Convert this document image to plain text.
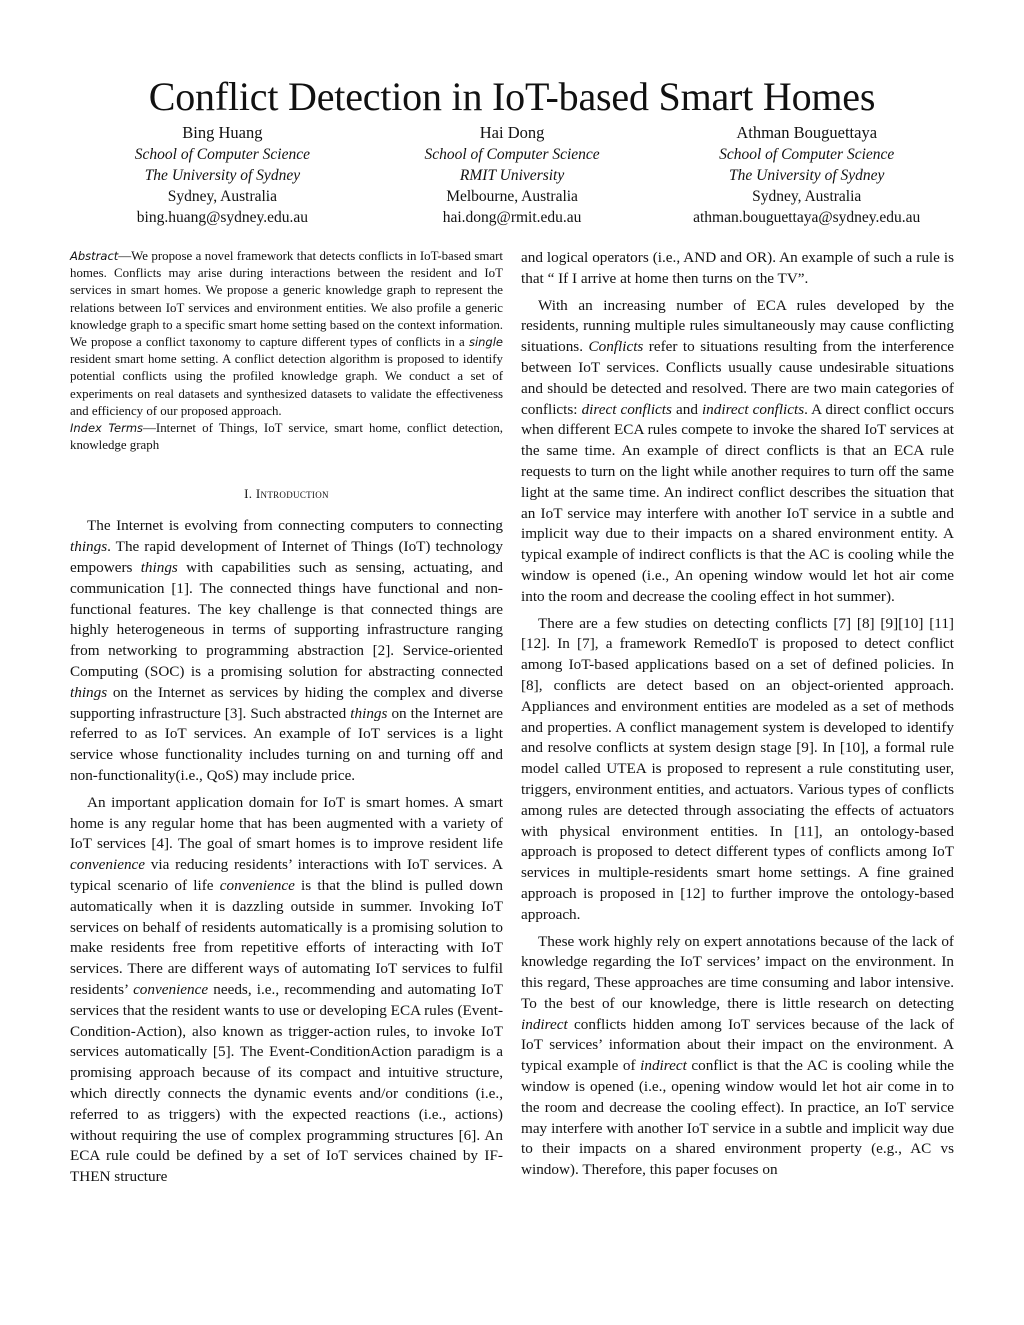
Conflict Detection in IoT-based Smart Homes
Bing Huang
School of Computer Science
The University of Sydney
Sydney, Australia
bing.huang@sydney.edu.au
Hai Dong
School of Computer Science
RMIT University
Melbourne, Australia
hai.dong@rmit.edu.au
Athman Bouguettaya
School of Computer Science
The University of Sydney
Sydney, Australia
athman.bouguettaya@sydney.edu.au

Abstract—We propose a novel framework that detects conflicts in IoT-based smart homes. Conflicts may arise during interactions between the resident and IoT services in smart homes. We propose a generic knowledge graph to represent the relations between IoT services and environment entities. We also profile a generic knowledge graph to a specific smart home setting based on the context information. We propose a conflict taxonomy to capture different types of conflicts in a single resident smart home setting. A conflict detection algorithm is proposed to identify potential conflicts using the profiled knowledge graph. We conduct a set of experiments on real datasets and synthesized datasets to validate the effectiveness and efficiency of our proposed approach.

Index Terms—Internet of Things, IoT service, smart home, conflict detection, knowledge graph

I. Introduction

The Internet is evolving from connecting computers to connecting things. The rapid development of Internet of Things (IoT) technology empowers things with capabilities such as sensing, actuating, and communication [1]. The connected things have functional and non-functional features. The key challenge is that connected things are highly heterogeneous in terms of supporting infrastructure ranging from networking to programming abstraction [2]. Service-oriented Computing (SOC) is a promising solution for abstracting connected things on the Internet as services by hiding the complex and diverse supporting infrastructure [3]. Such abstracted things on the Internet are referred to as IoT services. An example of IoT services is a light service whose functionality includes turning on and turning off and non-functionality(i.e., QoS) may include price.

An important application domain for IoT is smart homes. A smart home is any regular home that has been augmented with a variety of IoT services [4]. The goal of smart homes is to improve resident life convenience via reducing residents’ interactions with IoT services. A typical scenario of life convenience is that the blind is pulled down automatically when it is dazzling outside in summer. Invoking IoT services on behalf of residents automatically is a promising solution to make residents free from repetitive efforts of interacting with IoT services. There are different ways of automating IoT services to fulfil residents’ convenience needs, i.e., recommending and automating IoT services that the resident wants to use or developing ECA rules (Event-Condition-Action), also known as trigger-action rules, to invoke IoT services automatically [5]. The Event-ConditionAction paradigm is a promising approach because of its compact and intuitive structure, which directly connects the dynamic events and/or conditions (i.e., referred to as triggers) with the expected reactions (i.e., actions) without requiring the use of complex programming structures [6]. An ECA rule could be defined by a set of IoT services chained by IF-THEN structure

and logical operators (i.e., AND and OR). An example of such a rule is that “ If I arrive at home then turns on the TV”.

With an increasing number of ECA rules developed by the residents, running multiple rules simultaneously may cause conflicting situations. Conflicts refer to situations resulting from the interference between IoT services. Conflicts usually cause undesirable situations and should be detected and resolved. There are two main categories of conflicts: direct conflicts and indirect conflicts. A direct conflict occurs when different ECA rules compete to invoke the shared IoT services at the same time. An example of direct conflicts is that an ECA rule requests to turn on the light while another requires to turn off the same light at the same time. An indirect conflict describes the situation that an IoT service may interfere with another IoT service in a subtle and implicit way due to their impacts on a shared environment entity. A typical example of indirect conflicts is that the AC is cooling while the window is opened (i.e., An opening window would let hot air come into the room and decrease the cooling effect in hot summer).

There are a few studies on detecting conflicts [7] [8] [9][10] [11] [12]. In [7], a framework RemedIoT is proposed to detect conflict among IoT-based applications based on a set of defined policies. In [8], conflicts are detect based on an object-oriented approach. Appliances and environment entities are modeled as a set of methods and properties. A conflict management system is developed to identify and resolve conflicts at system design stage [9]. In [10], a formal rule model called UTEA is proposed to represent a rule constituting user, triggers, environment entities, and actuators. Various types of conflicts among rules are detected through associating the effects of actuators with physical environment entities. In [11], an ontology-based approach is proposed to detect different types of conflicts among IoT services in multiple-residents smart home settings. A fine grained approach is proposed in [12] to further improve the ontology-based approach.

These work highly rely on expert annotations because of the lack of knowledge regarding the IoT services’ impact on the environment. In this regard, These approaches are time consuming and labor intensive. To the best of our knowledge, there is little research on detecting indirect conflicts hidden among IoT services because of the lack of IoT services’ information about their impact on the environment. A typical example of indirect conflict is that the AC is cooling while the window is opened (i.e., opening window would let hot air come in to the room and decrease the cooling effect). In practice, an IoT service may interfere with another IoT service in a subtle and implicit way due to their impacts on a shared environment property (e.g., AC vs window). Therefore, this paper focuses on
